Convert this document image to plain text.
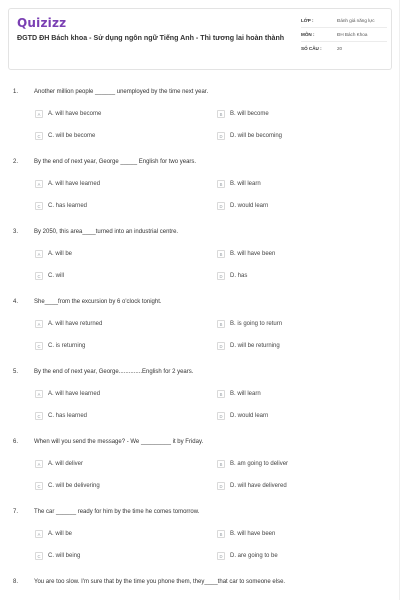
Quizizz
ĐGTD ĐH Bách khoa - Sử dụng ngôn ngữ Tiếng Anh - Thì tương lai hoàn thành
LỚP :	Đánh giá năng lực
MÔN :	ĐH Bách Khoa
SỐ CÂU :	20
1.	Another million people ______ unemployed by the time next year.
A	A. will have become	B	B. will become
C	C. will be become	D	D. will be becoming
2.	By the end of next year, George _____ English for two years.
A	A. will have learned	B	B. will learn
C	C. has learned	D	D. would learn
3.	By 2050, this area____turned into an industrial centre.
A	A. will be	B	B. will have been
C	C. will	D	D. has
4.	She____from the excursion by 6 o'clock tonight.
A	A. will have returned	B	B. is going to return
C	C. is returning	D	D. will be returning
5.	By the end of next year, George..............English for 2 years.
A	A. will have learned	B	B. will learn
C	C. has learned	D	D. would learn
6.	When will you send the message? - We _________ it by Friday.
A	A. will deliver	B	B. am going to deliver
C	C. will be delivering	D	D. will have delivered
7.	The car ______ ready for him by the time he comes tomorrow.
A	A. will be	B	B. will have been
C	C. will being	D	D. are going to be
8.	You are too slow. I'm sure that by the time you phone them, they____that car to someone else.
